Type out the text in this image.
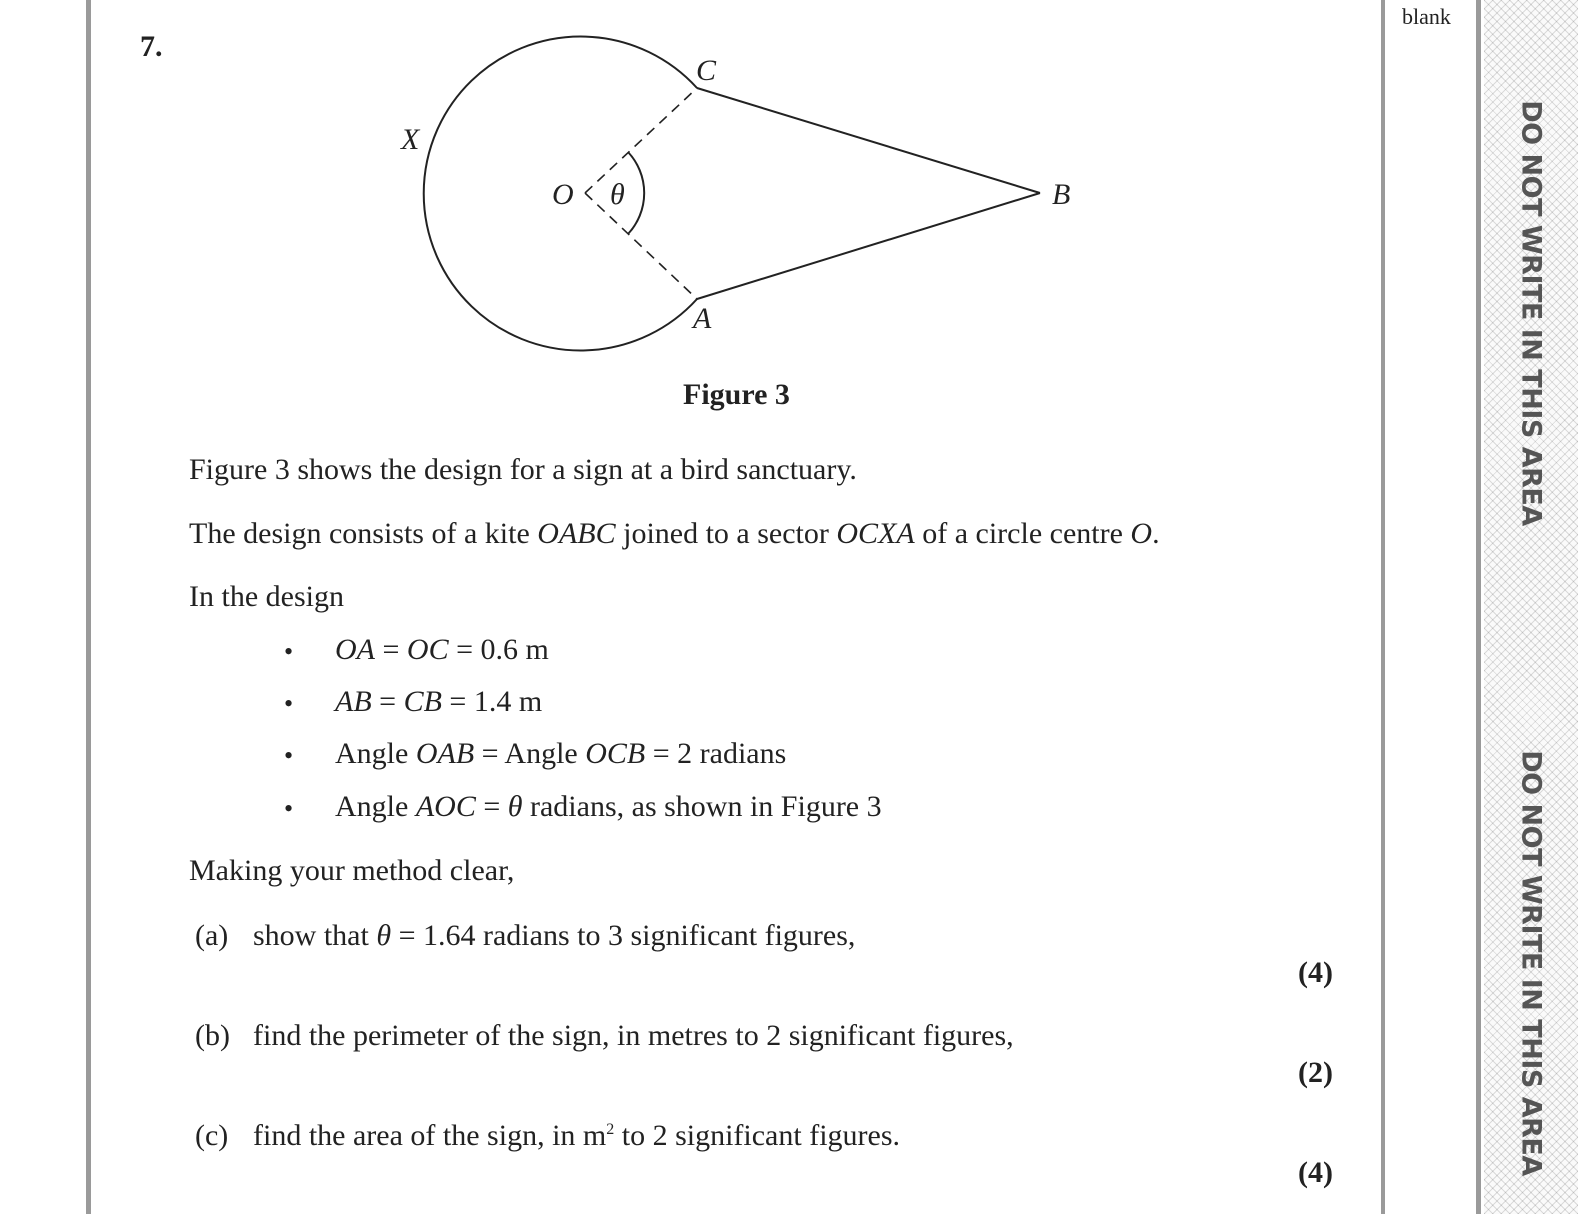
DO NOT WRITE IN THIS AREA
DO NOT WRITE IN THIS AREA
blank
7.
O θ
C
A
B
X
Figure 3
Figure 3 shows the design for a sign at a bird sanctuary.
The design consists of a kite OABC joined to a sector OCXA of a circle centre O.
In the design
• OA = OC = 0.6 m
• AB = CB = 1.4 m
• Angle OAB = Angle OCB = 2 radians
• Angle AOC = θ radians, as shown in Figure 3
Making your method clear,
(a) show that θ = 1.64 radians to 3 significant figures,
(4)
(b) find the perimeter of the sign, in metres to 2 significant figures,
(2)
(c) find the area of the sign, in $m^2$ to 2 significant figures.
(4)
